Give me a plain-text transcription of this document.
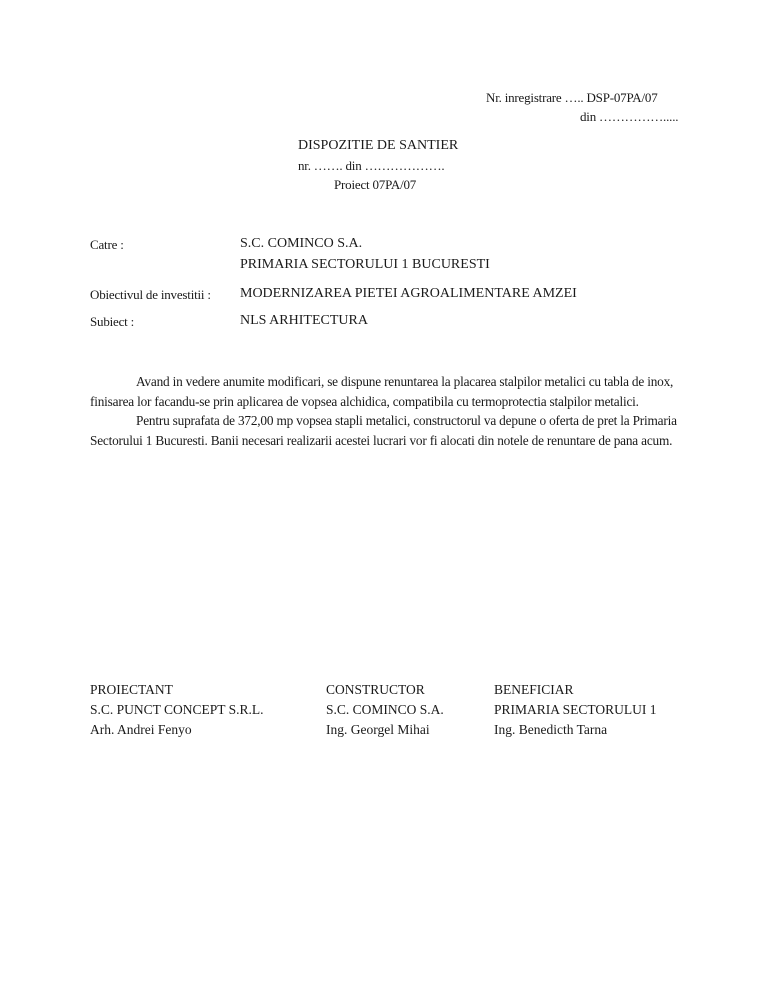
Nr. inregistrare ….. DSP-07PA/07
din …………….....
DISPOZITIE DE SANTIER
nr. ……. din ……………….
Proiect 07PA/07
Catre :	S.C. COMINCO S.A.
PRIMARIA SECTORULUI 1 BUCURESTI
Obiectivul de investitii : MODERNIZAREA PIETEI AGROALIMENTARE AMZEI
Subiect :	NLS ARHITECTURA

Avand in vedere anumite modificari, se dispune renuntarea la placarea stalpilor metalici cu tabla de inox, finisarea lor facandu-se prin aplicarea de vopsea alchidica, compatibila cu termoprotectia stalpilor metalici.

Pentru suprafata de 372,00 mp vopsea stapli metalici, constructorul va depune o oferta de pret la Primaria Sectorului 1 Bucuresti. Banii necesari realizarii acestei lucrari vor fi alocati din notele de renuntare de pana acum.

PROIECTANT
S.C. PUNCT CONCEPT S.R.L.
Arh. Andrei Fenyo
CONSTRUCTOR
S.C. COMINCO S.A.
Ing. Georgel Mihai
BENEFICIAR
PRIMARIA SECTORULUI 1
Ing. Benedicth Tarna
